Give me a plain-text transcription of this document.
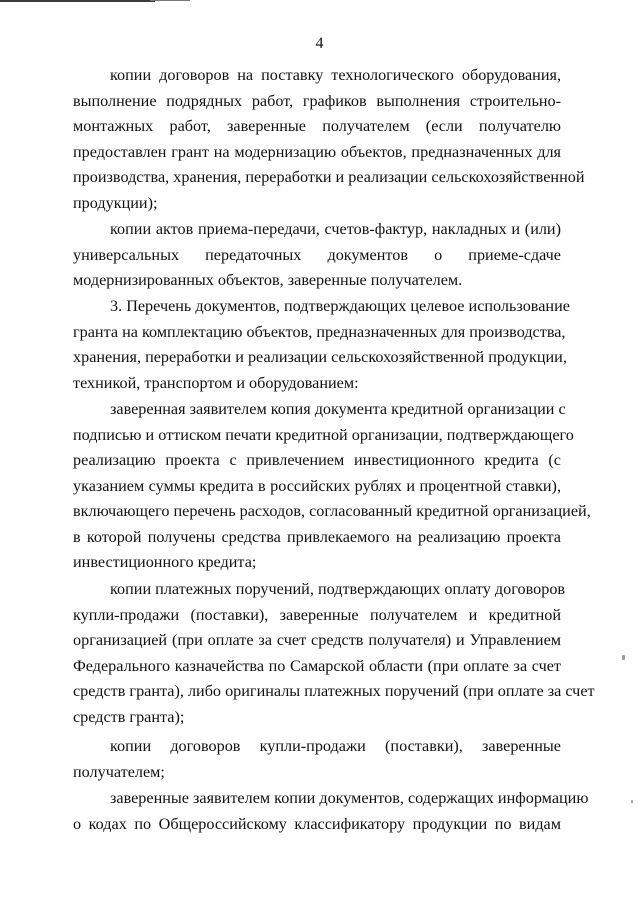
4
копии договоров на поставку технологического оборудования,
выполнение подрядных работ, графиков выполнения строительно-
монтажных работ, заверенные получателем (если получателю
предоставлен грант на модернизацию объектов, предназначенных для
производства, хранения, переработки и реализации сельскохозяйственной
продукции);
копии актов приема-передачи, счетов-фактур, накладных и (или)
универсальных передаточных документов о приеме-сдаче
модернизированных объектов, заверенные получателем.
3. Перечень документов, подтверждающих целевое использование
гранта на комплектацию объектов, предназначенных для производства,
хранения, переработки и реализации сельскохозяйственной продукции,
техникой, транспортом и оборудованием:
заверенная заявителем копия документа кредитной организации с
подписью и оттиском печати кредитной организации, подтверждающего
реализацию проекта с привлечением инвестиционного кредита (с
указанием суммы кредита в российских рублях и процентной ставки),
включающего перечень расходов, согласованный кредитной организацией,
в которой получены средства привлекаемого на реализацию проекта
инвестиционного кредита;
копии платежных поручений, подтверждающих оплату договоров
купли-продажи (поставки), заверенные получателем и кредитной
организацией (при оплате за счет средств получателя) и Управлением
Федерального казначейства по Самарской области (при оплате за счет
средств гранта), либо оригиналы платежных поручений (при оплате за счет
средств гранта);
копии договоров купли-продажи (поставки), заверенные
получателем;
заверенные заявителем копии документов, содержащих информацию
о кодах по Общероссийскому классификатору продукции по видам
